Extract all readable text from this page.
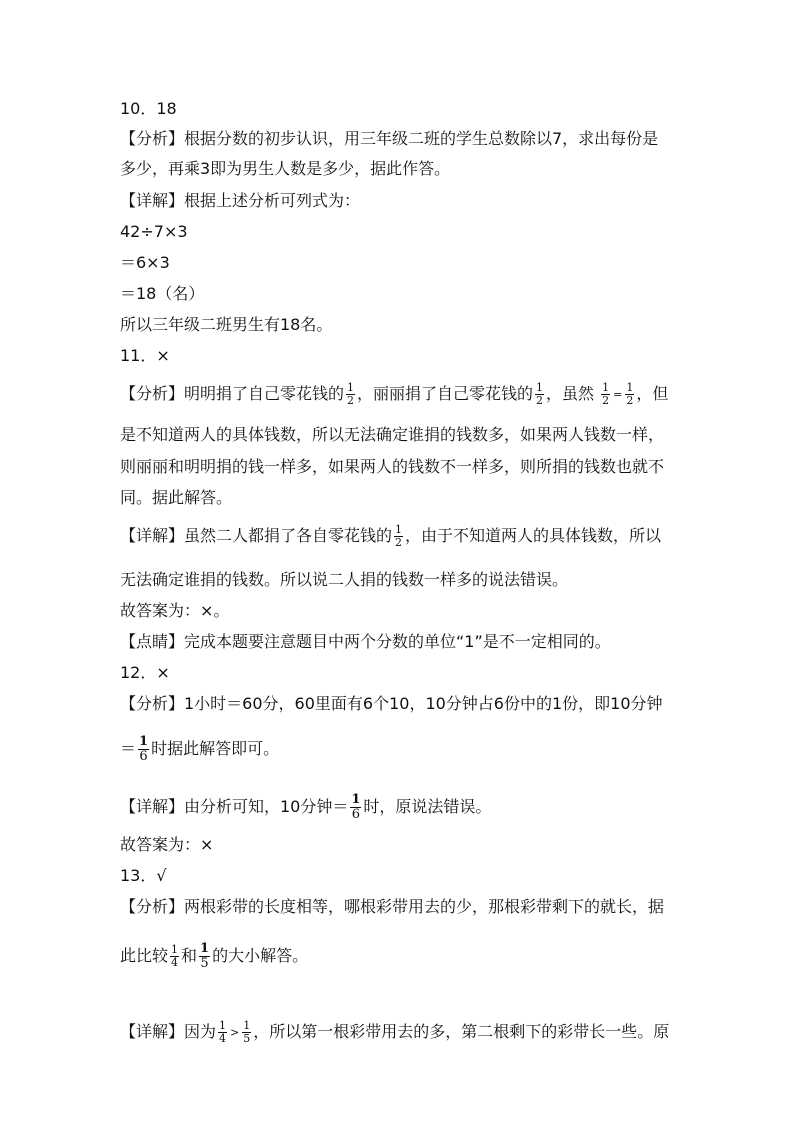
10．18
【分析】根据分数的初步认识，用三年级二班的学生总数除以7，求出每份是
多少，再乘3即为男生人数是多少，据此作答。
【详解】根据上述分析可列式为：
42÷7×3
＝6×3
＝18（名）
所以三年级二班男生有18名。
11．×
【分析】明明捐了自己零花钱的 $\frac{1}{2}$ ，丽丽捐了自己零花钱的 $\frac{1}{2}$ ，虽然 $\frac{1}{2} = \frac{1}{2}$ ，但
是不知道两人的具体钱数，所以无法确定谁捐的钱数多，如果两人钱数一样，
则丽丽和明明捐的钱一样多，如果两人的钱数不一样多，则所捐的钱数也就不
同。据此解答。
【详解】虽然二人都捐了各自零花钱的 $\frac{1}{2}$ ，由于不知道两人的具体钱数，所以
无法确定谁捐的钱数。所以说二人捐的钱数一样多的说法错误。
故答案为：×。
【点睛】完成本题要注意题目中两个分数的单位“1”是不一定相同的。
12．×
【分析】1小时＝60分，60里面有6个10，10分钟占6份中的1份，即10分钟
＝ $\frac{1}{6}$ 时据此解答即可。
【详解】由分析可知，10分钟＝ $\frac{1}{6}$ 时，原说法错误。
故答案为：×
13．√
【分析】两根彩带的长度相等，哪根彩带用去的少，那根彩带剩下的就长，据
此比较 $\frac{1}{4}$ 和 $\frac{1}{5}$ 的大小解答。
【详解】因为 $\frac{1}{4} > \frac{1}{5}$ ，所以第一根彩带用去的多，第二根剩下的彩带长一些。原
